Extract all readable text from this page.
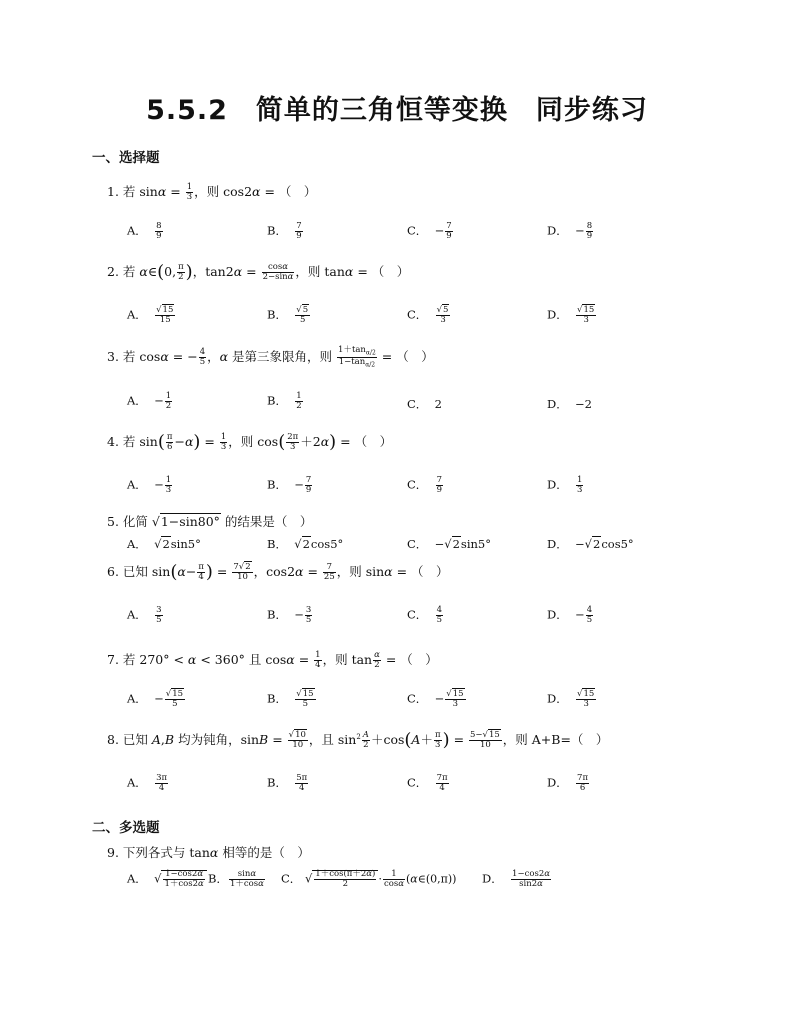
5.5.2　简单的三角恒等变换　同步练习
一、选择题
1. 若 $\sin\alpha = \frac{1}{3}$ ，则 cos2α = （　）
A． $\frac{8}{9}$	B． $\frac{7}{9}$	C．  − $\frac{7}{9}$	D．  − $\frac{8}{9}$
2. 若 α∈(0, $\frac{\pi}{2}$ )，$\tan 2\alpha = \frac{\cos\alpha}{2-\sin\alpha}$ ，则 tanα = （　）
A． $\frac{√15}{15}$	B． $\frac{√5}{5}$	C． $\frac{√5}{3}$	D． $\frac{√15}{3}$
3. 若 cosα = − $\frac{4}{5}$ ，α 是第三象限角，则 $\frac{1+\tan_{\alpha/2}}{1-\tan_{\alpha/2}}$ = （　）
A．  − $\frac{1}{2}$	B． $\frac{1}{2}$	C．  2	D．  −2
4. 若 $\sin( \frac{\pi}{6} -\alpha) = \frac{1}{3}$ ，则 $\cos( \frac{2\pi}{3} +2\alpha)$ = （　）
A．  − $\frac{1}{3}$	B．  − $\frac{7}{9}$	C． $\frac{7}{9}$	D． $\frac{1}{3}$
5. 化简 √1−sin80° 的结果是（　）
A．  √2sin5°	B．  √2cos5°	C．  −√2sin5°	D．  −√2cos5°
6. 已知 $\sin(\alpha- \frac{\pi}{4}$ ) = $\frac{7√2}{10}$ ，$\cos 2\alpha = \frac{7}{25}$ ，则 sinα = （　）
A． $\frac{3}{5}$	B．  − $\frac{3}{5}$	C． $\frac{4}{5}$	D．  − $\frac{4}{5}$
7. 若 270° < α < 360° 且 $\cos\alpha = \frac{1}{4}$ ，则 $\tan \frac{\alpha}{2}$ = （　）
A．  − $\frac{√15}{5}$	B． $\frac{√15}{5}$	C．  − $\frac{√15}{3}$	D． $\frac{√15}{3}$
8. 已知 A,B 均为钝角，$\sin B = \frac{√10}{10}$ ，且 $\sin^2 \frac{A}{2} +\cos(A+ \frac{\pi}{3}$ ) = $\frac{5-√15}{10}$ ，则 A+B=（　）
A． $\frac{3\pi}{4}$	B． $\frac{5\pi}{4}$	C． $\frac{7\pi}{4}$	D． $\frac{7\pi}{6}$
二、多选题
9. 下列各式与 tanα 相等的是（　）
A．  √ $\frac{1-\cos 2\alpha}{1+\cos 2\alpha}$ B． $\frac{\sin\alpha}{1+\cos\alpha}$ C． √ $\frac{1+\cos(\pi+2\alpha)}{2} \cdot \frac{1}{\cos\alpha}$ (α∈(0,π)) D． $\frac{1-\cos 2\alpha}{\sin 2\alpha}$
